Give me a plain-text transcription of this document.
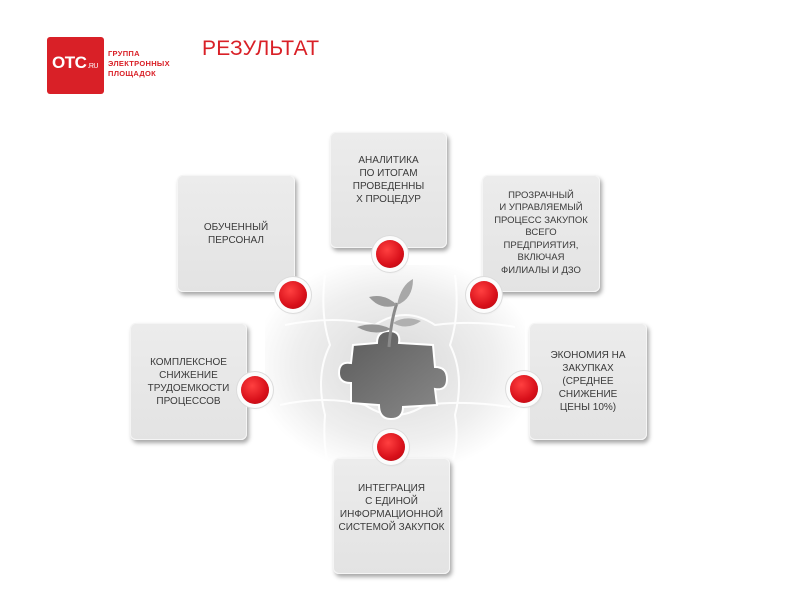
OTC.RU
ГРУППА
ЭЛЕКТРОННЫХ
ПЛОЩАДОК
РЕЗУЛЬТАТ
АНАЛИТИКА
ПО ИТОГАМ
ПРОВЕДЕННЫ
Х ПРОЦЕДУР
ОБУЧЕННЫЙ
ПЕРСОНАЛ
ПРОЗРАЧНЫЙ
И УПРАВЛЯЕМЫЙ
ПРОЦЕСС ЗАКУПОК
ВСЕГО
ПРЕДПРИЯТИЯ,
ВКЛЮЧАЯ
ФИЛИАЛЫ И ДЗО
КОМПЛЕКСНОЕ
СНИЖЕНИЕ
ТРУДОЕМКОСТИ
ПРОЦЕССОВ
ЭКОНОМИЯ НА
ЗАКУПКАХ
(СРЕДНЕЕ
СНИЖЕНИЕ
ЦЕНЫ 10%)
ИНТЕГРАЦИЯ
С ЕДИНОЙ
ИНФОРМАЦИОННОЙ
СИСТЕМОЙ ЗАКУПОК
